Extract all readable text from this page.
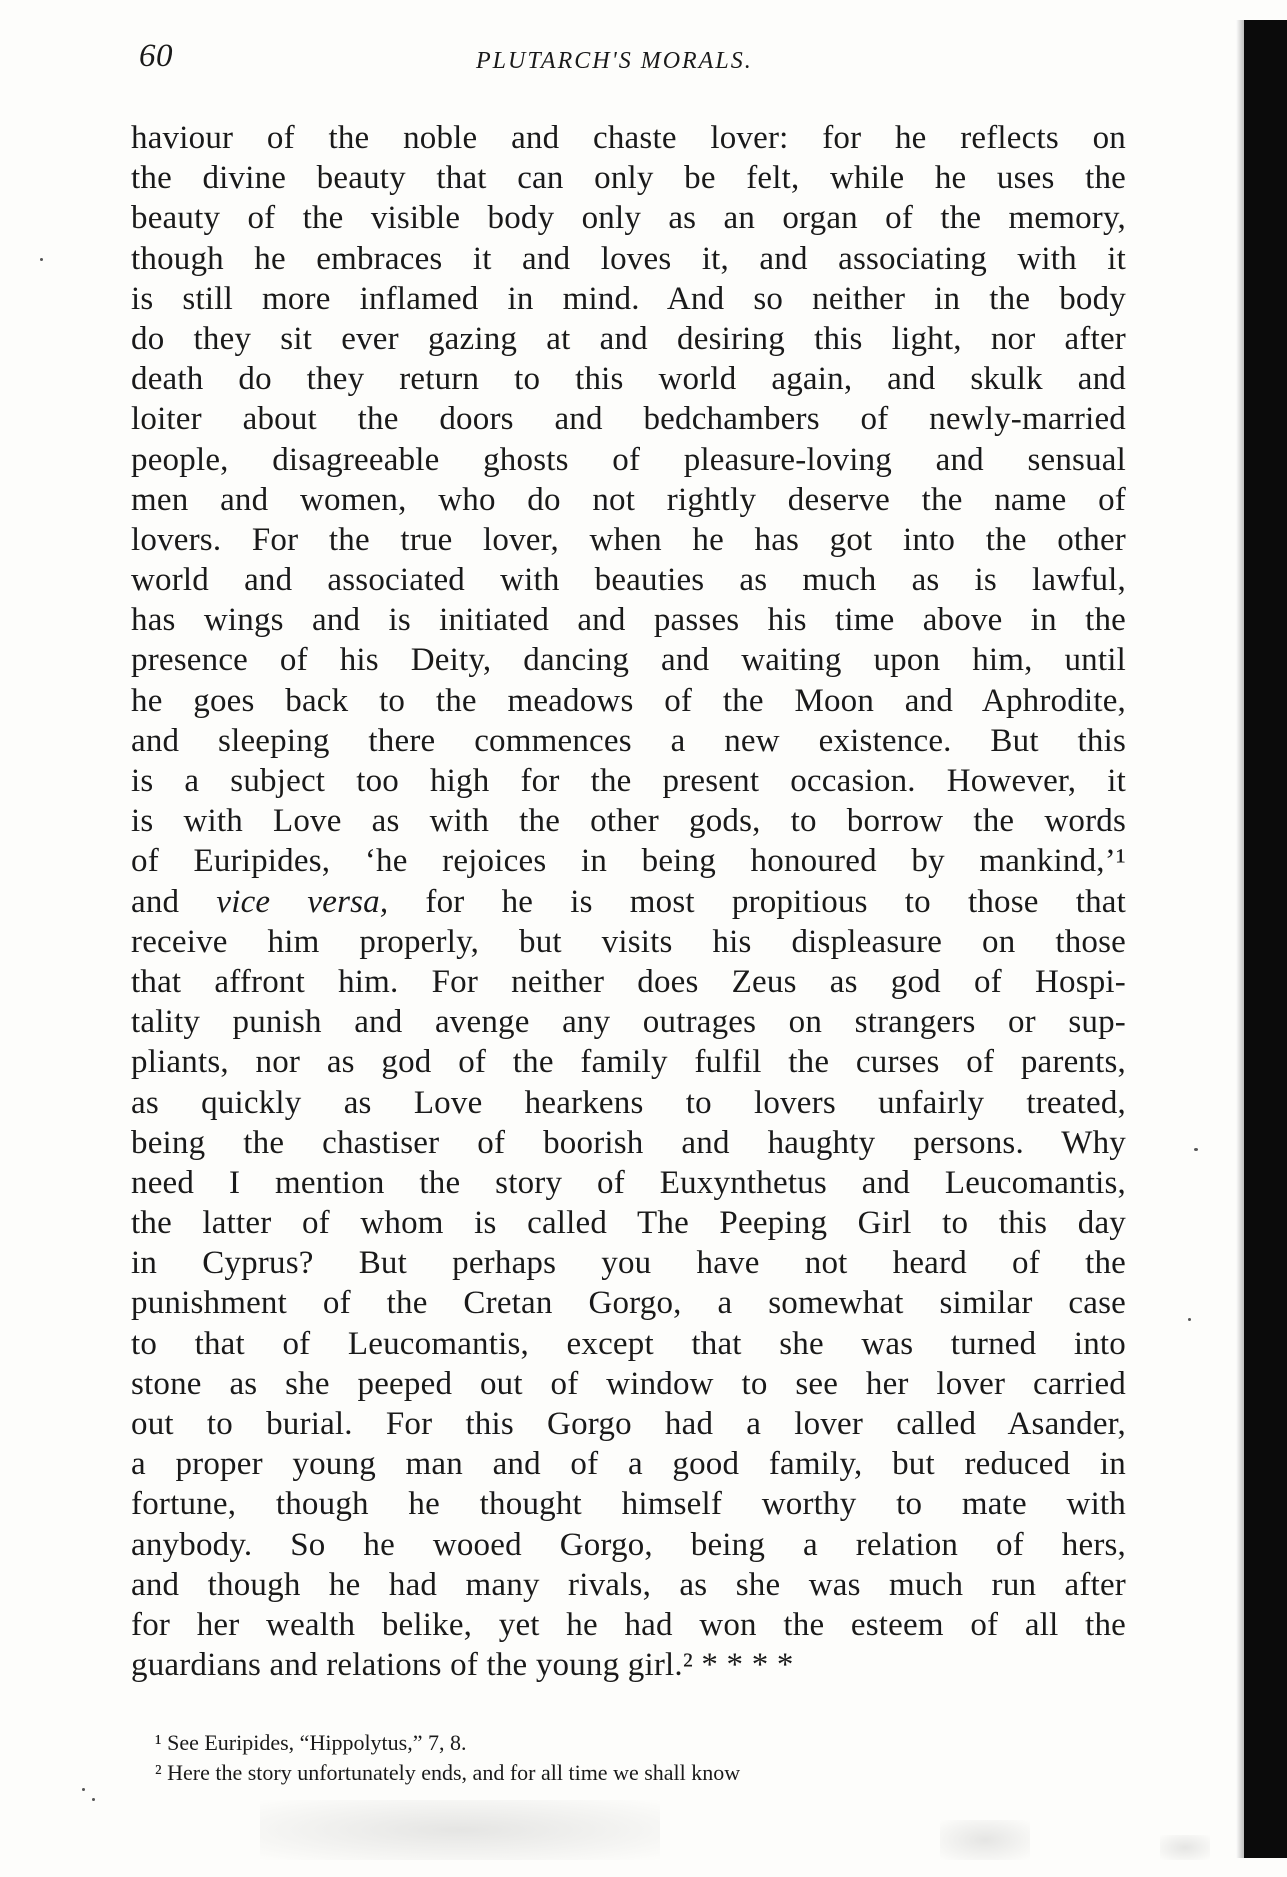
60	PLUTARCH'S MORALS.
haviour of the noble and chaste lover: for he reflects on
the divine beauty that can only be felt, while he uses the
beauty of the visible body only as an organ of the memory,
though he embraces it and loves it, and associating with it
is still more inflamed in mind. And so neither in the body
do they sit ever gazing at and desiring this light, nor after
death do they return to this world again, and skulk and
loiter about the doors and bedchambers of newly-married
people, disagreeable ghosts of pleasure-loving and sensual
men and women, who do not rightly deserve the name of
lovers. For the true lover, when he has got into the other
world and associated with beauties as much as is lawful,
has wings and is initiated and passes his time above in the
presence of his Deity, dancing and waiting upon him, until
he goes back to the meadows of the Moon and Aphrodite,
and sleeping there commences a new existence. But this
is a subject too high for the present occasion. However, it
is with Love as with the other gods, to borrow the words
of Euripides, ‘he rejoices in being honoured by mankind,’¹
and vice versa, for he is most propitious to those that
receive him properly, but visits his displeasure on those
that affront him. For neither does Zeus as god of Hospi-
tality punish and avenge any outrages on strangers or sup-
pliants, nor as god of the family fulfil the curses of parents,
as quickly as Love hearkens to lovers unfairly treated,
being the chastiser of boorish and haughty persons. Why
need I mention the story of Euxynthetus and Leucomantis,
the latter of whom is called The Peeping Girl to this day
in Cyprus? But perhaps you have not heard of the
punishment of the Cretan Gorgo, a somewhat similar case
to that of Leucomantis, except that she was turned into
stone as she peeped out of window to see her lover carried
out to burial. For this Gorgo had a lover called Asander,
a proper young man and of a good family, but reduced in
fortune, though he thought himself worthy to mate with
anybody. So he wooed Gorgo, being a relation of hers,
and though he had many rivals, as she was much run after
for her wealth belike, yet he had won the esteem of all the
guardians and relations of the young girl.² * * * *
¹ See Euripides, “Hippolytus,” 7, 8.
² Here the story unfortunately ends, and for all time we shall know
